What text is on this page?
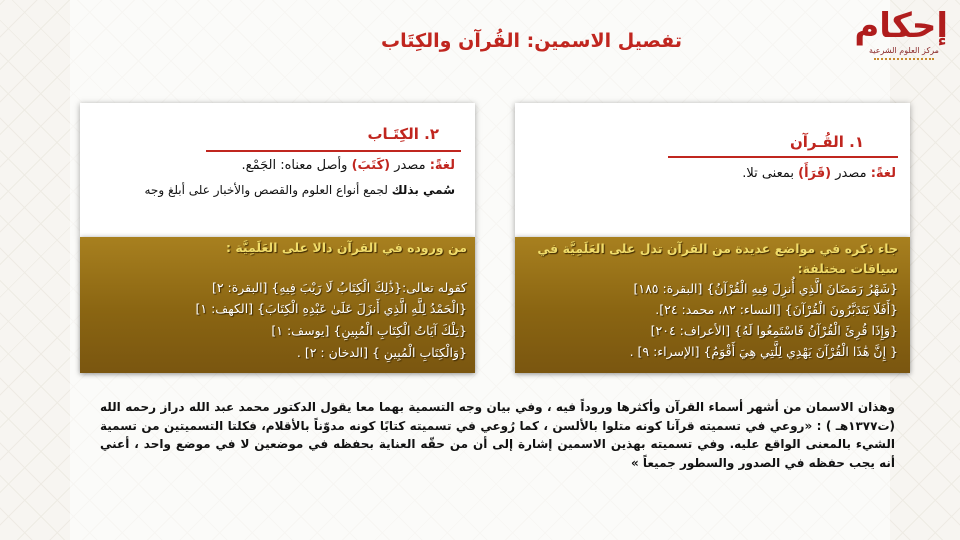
إحكام
مركز العلوم الشرعية
تفصيل الاسمين: القُرآن والكِتَاب
١. القُـرآن
لغةً: مصدر (قَرَأَ) بمعنى تلا.
جاء ذكره في مواضع عديدة من القرآن تدل على العَلَمِيَّة في سياقات مختلفة:
{شَهْرُ رَمَضَانَ الَّذِي أُنزِلَ فِيهِ الْقُرْآنُ} [البقرة: ١٨٥]
{أَفَلَا يَتَدَبَّرُونَ الْقُرْآنَ} [النساء: ٨٢، محمد: ٢٤].
{وَإِذَا قُرِئَ الْقُرْآنُ فَاسْتَمِعُوا لَهُ} [الأعراف: ٢٠٤]
{ إِنَّ هَٰذَا الْقُرْآنَ يَهْدِي لِلَّتِي هِيَ أَقْوَمُ} [الإسراء: ٩] .
٢. الكِتَـاب
لغةً: مصدر (كَتَبَ) وأصل معناه: الجَمْع.
سُمي بذلك لجمع أنواع العلوم والقصص والأخبار على أبلغ وجه
من وروده في القرآن دالا على العَلَمِيَّة :
كقوله تعالى:{ذَٰلِكَ الْكِتَابُ لَا رَيْبَ فِيهِ} [البقرة: ٢]
{الْحَمْدُ لِلَّهِ الَّذِي أَنزَلَ عَلَىٰ عَبْدِهِ الْكِتَابَ} [الكهف: ١]
{تِلْكَ آيَاتُ الْكِتَابِ الْمُبِينِ} [يوسف: ١]
{وَالْكِتَابِ الْمُبِينِ } [الدخان : ٢] .
وهذان الاسمان من أشهر أسماء القرآن وأكثرها وروداً فيه ، وفي بيان وجه التسمية بهما معا يقول الدكتور محمد عبد الله دراز رحمه الله (ت١٣٧٧هـ ) : «روعي في تسميته قرآنا كونه متلوا بالألسن ، كما رُوعي في تسميته كتابًا كونه مدوّناً بالأقلام، فكلتا التسميتين من تسمية الشيء بالمعنى الواقع عليه. وفي تسميته بهذين الاسمين إشارة إلى أن من حقّه العناية بحفظه في موضعين لا في موضع واحد ، أعني أنه يجب حفظه في الصدور والسطور جميعاً »
